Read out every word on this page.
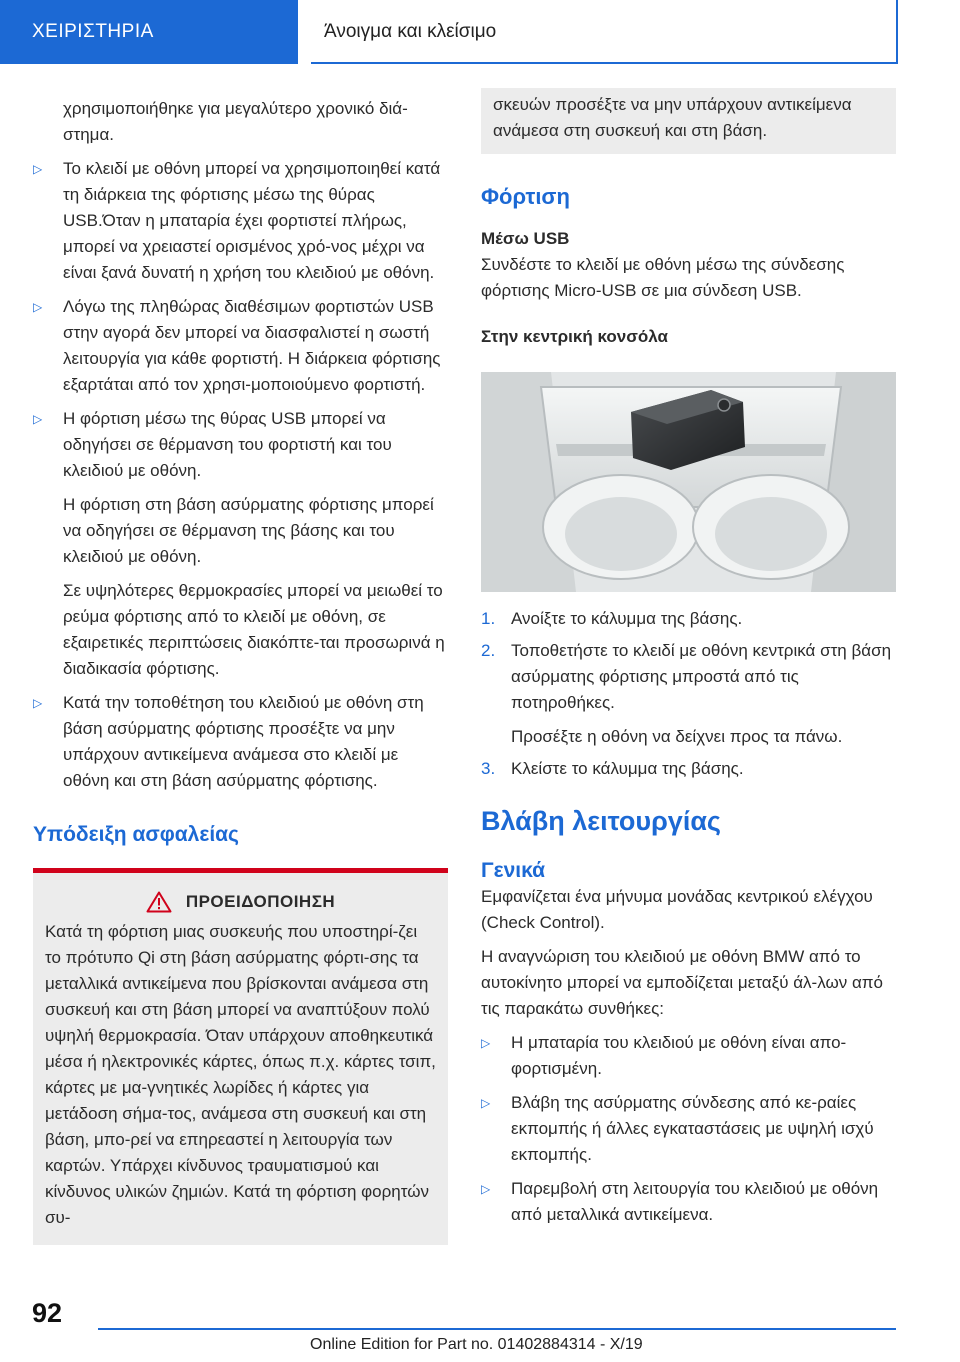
ΧΕΙΡΙΣΤΗΡΙΑ	Άνοιγμα και κλείσιμο

χρησιμοποιήθηκε για μεγαλύτερο χρονικό διά-στημα.

▷ Το κλειδί με οθόνη μπορεί να χρησιμοποιηθεί κατά τη διάρκεια της φόρτισης μέσω της θύρας USB.Όταν η μπαταρία έχει φορτιστεί πλήρως, μπορεί να χρειαστεί ορισμένος χρό-νος μέχρι να είναι ξανά δυνατή η χρήση του κλειδιού με οθόνη.

▷ Λόγω της πληθώρας διαθέσιμων φορτιστών USB στην αγορά δεν μπορεί να διασφαλιστεί η σωστή λειτουργία για κάθε φορτιστή. Η διάρκεια φόρτισης εξαρτάται από τον χρησι-μοποιούμενο φορτιστή.

▷ Η φόρτιση μέσω της θύρας USB μπορεί να οδηγήσει σε θέρμανση του φορτιστή και του κλειδιού με οθόνη.

Η φόρτιση στη βάση ασύρματης φόρτισης μπορεί να οδηγήσει σε θέρμανση της βάσης και του κλειδιού με οθόνη.

Σε υψηλότερες θερμοκρασίες μπορεί να μειωθεί το ρεύμα φόρτισης από το κλειδί με οθόνη, σε εξαιρετικές περιπτώσεις διακόπτε-ται προσωρινά η διαδικασία φόρτισης.

▷ Κατά την τοποθέτηση του κλειδιού με οθόνη στη βάση ασύρματης φόρτισης προσέξτε να μην υπάρχουν αντικείμενα ανάμεσα στο κλειδί με οθόνη και στη βάση ασύρματης φόρτισης.

Υπόδειξη ασφαλείας
ΠΡΟΕΙΔΟΠΟΙΗΣΗ

Κατά τη φόρτιση μιας συσκευής που υποστηρί-ζει το πρότυπο Qi στη βάση ασύρματης φόρτι-σης τα μεταλλικά αντικείμενα που βρίσκονται ανάμεσα στη συσκευή και στη βάση μπορεί να αναπτύξουν πολύ υψηλή θερμοκρασία. Όταν υπάρχουν αποθηκευτικά μέσα ή ηλεκτρονικές κάρτες, όπως π.χ. κάρτες τσιπ, κάρτες με μα-γνητικές λωρίδες ή κάρτες για μετάδοση σήμα-τος, ανάμεσα στη συσκευή και στη βάση, μπο-ρεί να επηρεαστεί η λειτουργία των καρτών. Υπάρχει κίνδυνος τραυματισμού και κίνδυνος υλικών ζημιών. Κατά τη φόρτιση φορητών συ-

σκευών προσέξτε να μην υπάρχουν αντικείμενα ανάμεσα στη συσκευή και στη βάση.

Φόρτιση
Μέσω USB

Συνδέστε το κλειδί με οθόνη μέσω της σύνδεσης φόρτισης Micro-USB σε μια σύνδεση USB.

Στην κεντρική κονσόλα
1. Ανοίξτε το κάλυμμα της βάσης.

2. Τοποθετήστε το κλειδί με οθόνη κεντρικά στη βάση ασύρματης φόρτισης μπροστά από τις ποτηροθήκες.

Προσέξτε η οθόνη να δείχνει προς τα πάνω.

3. Κλείστε το κάλυμμα της βάσης.

Βλάβη λειτουργίας
Γενικά

Εμφανίζεται ένα μήνυμα μονάδας κεντρικού ελέγχου (Check Control).

Η αναγνώριση του κλειδιού με οθόνη BMW από το αυτοκίνητο μπορεί να εμποδίζεται μεταξύ άλ-λων από τις παρακάτω συνθήκες:

▷ Η μπαταρία του κλειδιού με οθόνη είναι απο-φορτισμένη.

▷ Βλάβη της ασύρματης σύνδεσης από κε-ραίες εκπομπής ή άλλες εγκαταστάσεις με υψηλή ισχύ εκπομπής.

▷ Παρεμβολή στη λειτουργία του κλειδιού με οθόνη από μεταλλικά αντικείμενα.

92
Online Edition for Part no. 01402884314 - X/19
